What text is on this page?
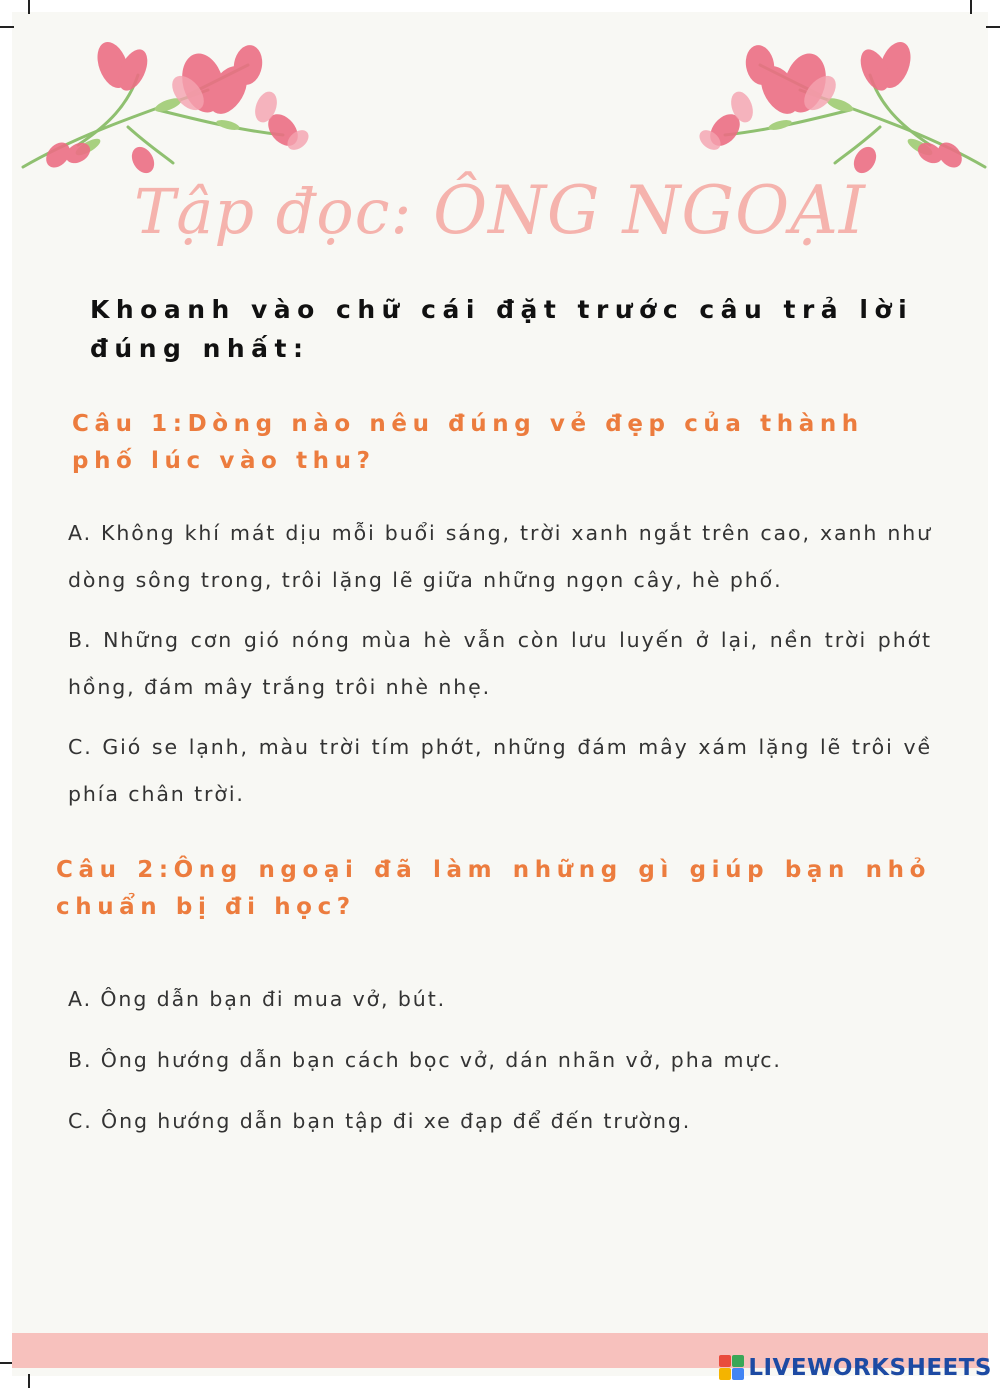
Tập đọc: ÔNG NGOẠI
Khoanh vào chữ cái đặt trước câu trả lời đúng nhất:
Câu 1:Dòng nào nêu đúng vẻ đẹp của thành phố lúc vào thu?
A. Không khí mát dịu mỗi buổi sáng, trời xanh ngắt trên cao, xanh như dòng sông trong, trôi lặng lẽ giữa những ngọn cây, hè phố.
B. Những cơn gió nóng mùa hè vẫn còn lưu luyến ở lại, nền trời phớt hồng, đám mây trắng trôi nhè nhẹ.
C. Gió se lạnh, màu trời tím phớt, những đám mây xám lặng lẽ trôi về phía chân trời.
Câu 2:Ông ngoại đã làm những gì giúp bạn nhỏ chuẩn bị đi học?
A. Ông dẫn bạn đi mua vở, bút.
B. Ông hướng dẫn bạn cách bọc vở, dán nhãn vở, pha mực.
C. Ông hướng dẫn bạn tập đi xe đạp để đến trường.
LIVEWORKSHEETS
